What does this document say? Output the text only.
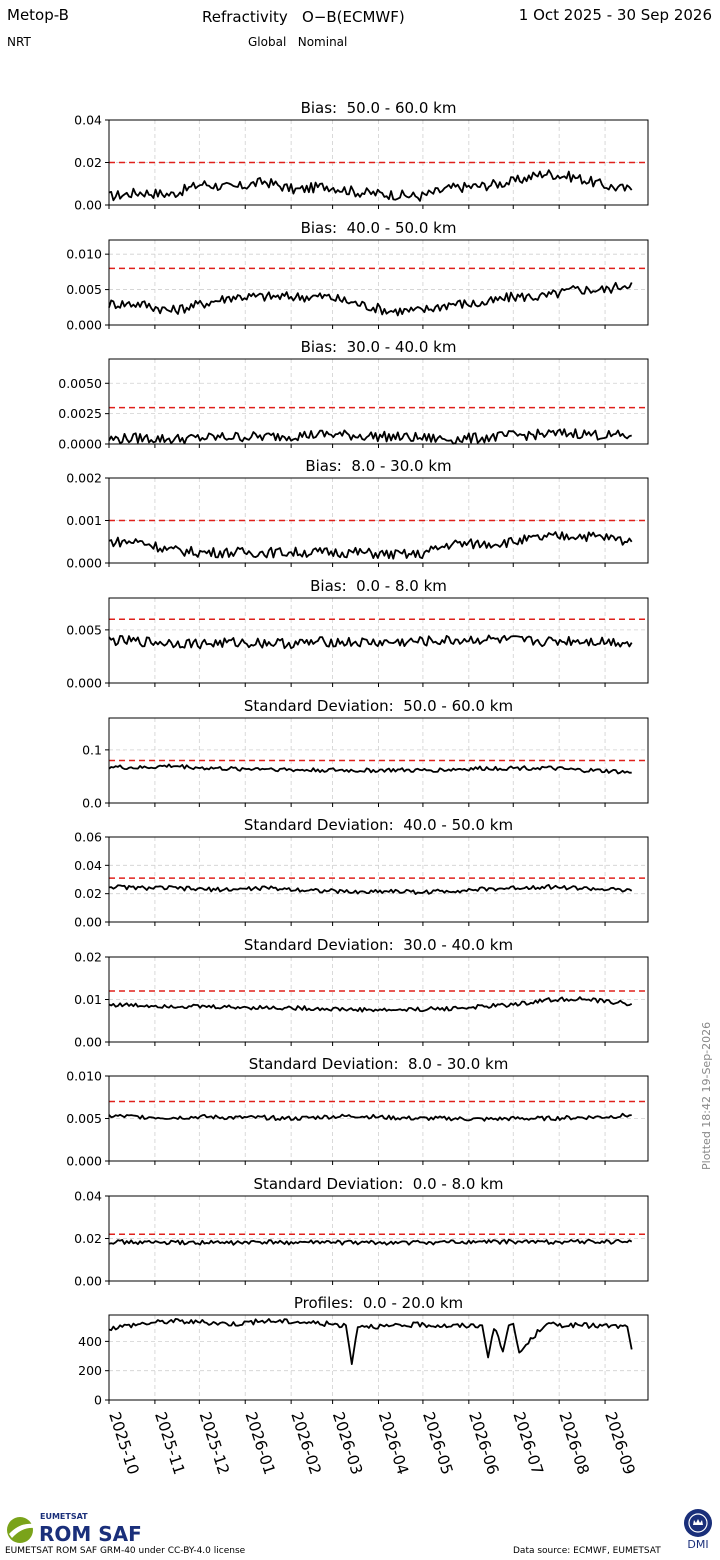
Metop-B
NRT
Refractivity   O−B(ECMWF)
Global   Nominal
1 Oct 2025 - 30 Sep 2026
0.00
0.02
0.04
Bias:  50.0 - 60.0 km
0.000
0.005
0.010
Bias:  40.0 - 50.0 km
0.0000
0.0025
0.0050
Bias:  30.0 - 40.0 km
0.000
0.001
0.002
Bias:  8.0 - 30.0 km
0.000
0.005
Bias:  0.0 - 8.0 km
0.0
0.1
Standard Deviation:  50.0 - 60.0 km
0.00
0.02
0.04
0.06
Standard Deviation:  40.0 - 50.0 km
0.00
0.01
0.02
Standard Deviation:  30.0 - 40.0 km
0.000
0.005
0.010
Standard Deviation:  8.0 - 30.0 km
0.00
0.02
0.04
Standard Deviation:  0.0 - 8.0 km
0
200
400
Profiles:  0.0 - 20.0 km
2025-10 2025-11 2025-12 2026-01 2026-02 2026-03 2026-04 2026-05 2026-06 2026-07 2026-08 2026-09
Plotted 18:42 19-Sep-2026
EUMETSAT
ROM SAF
EUMETSAT ROM SAF GRM-40 under CC-BY-4.0 license	Data source: ECMWF, EUMETSAT	DMI
